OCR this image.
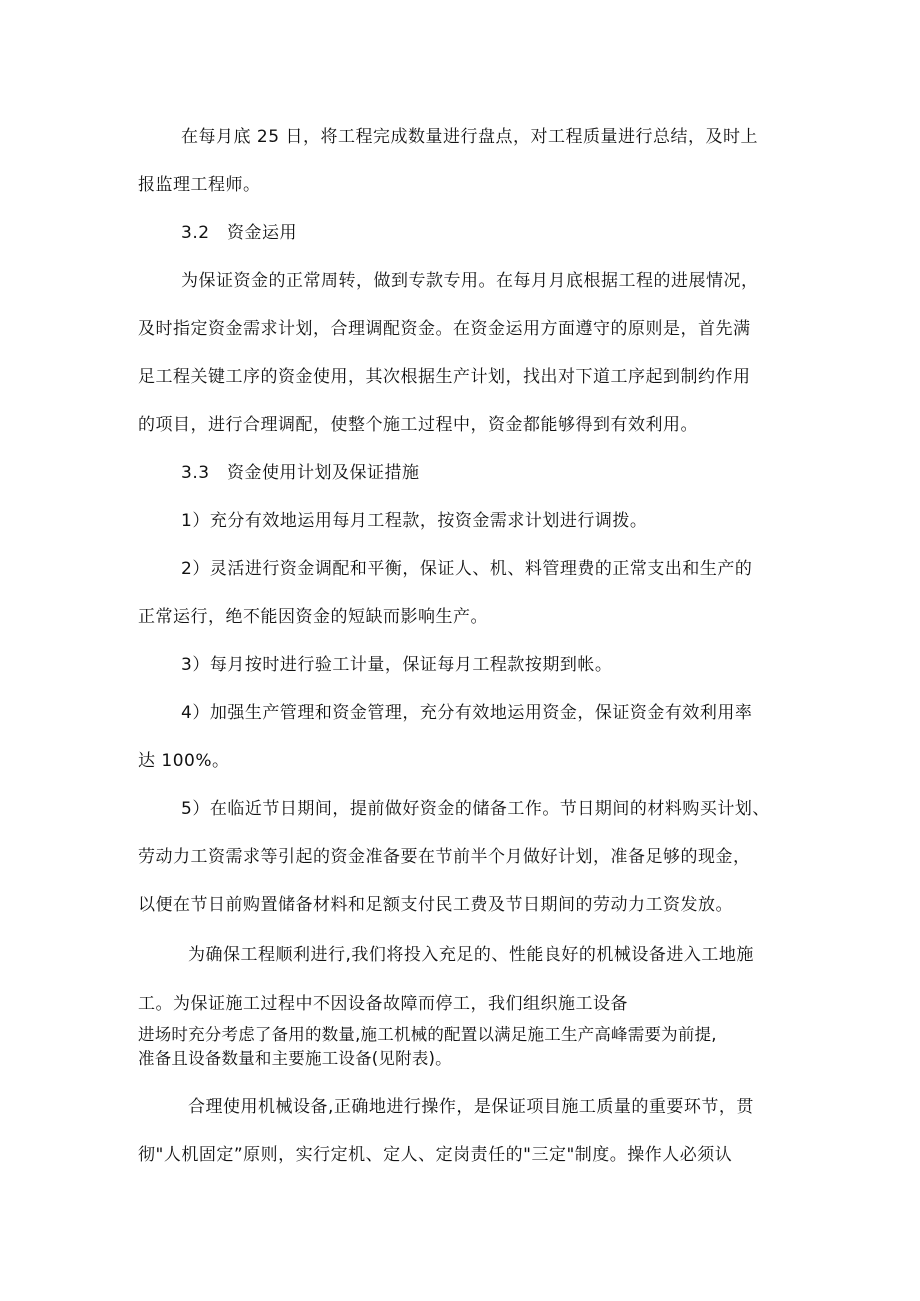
在每月底 25 日，将工程完成数量进行盘点，对工程质量进行总结，及时上
报监理工程师。
3.2　资金运用
为保证资金的正常周转，做到专款专用。在每月月底根据工程的进展情况，
及时指定资金需求计划，合理调配资金。在资金运用方面遵守的原则是，首先满
足工程关键工序的资金使用，其次根据生产计划，找出对下道工序起到制约作用
的项目，进行合理调配，使整个施工过程中，资金都能够得到有效利用。
3.3　资金使用计划及保证措施
1）充分有效地运用每月工程款，按资金需求计划进行调拨。
2）灵活进行资金调配和平衡，保证人、机、料管理费的正常支出和生产的
正常运行，绝不能因资金的短缺而影响生产。
3）每月按时进行验工计量，保证每月工程款按期到帐。
4）加强生产管理和资金管理，充分有效地运用资金，保证资金有效利用率
达 100%。
5）在临近节日期间，提前做好资金的储备工作。节日期间的材料购买计划、
劳动力工资需求等引起的资金准备要在节前半个月做好计划，准备足够的现金，
以便在节日前购置储备材料和足额支付民工费及节日期间的劳动力工资发放。
为确保工程顺利进行,我们将投入充足的、性能良好的机械设备进入工地施
工。为保证施工过程中不因设备故障而停工，我们组织施工设备
进场时充分考虑了备用的数量,施工机械的配置以满足施工生产高峰需要为前提,
准备且设备数量和主要施工设备(见附表)。
合理使用机械设备,正确地进行操作，是保证项目施工质量的重要环节，贯
彻"人机固定”原则，实行定机、定人、定岗责任的"三定"制度。操作人必须认
